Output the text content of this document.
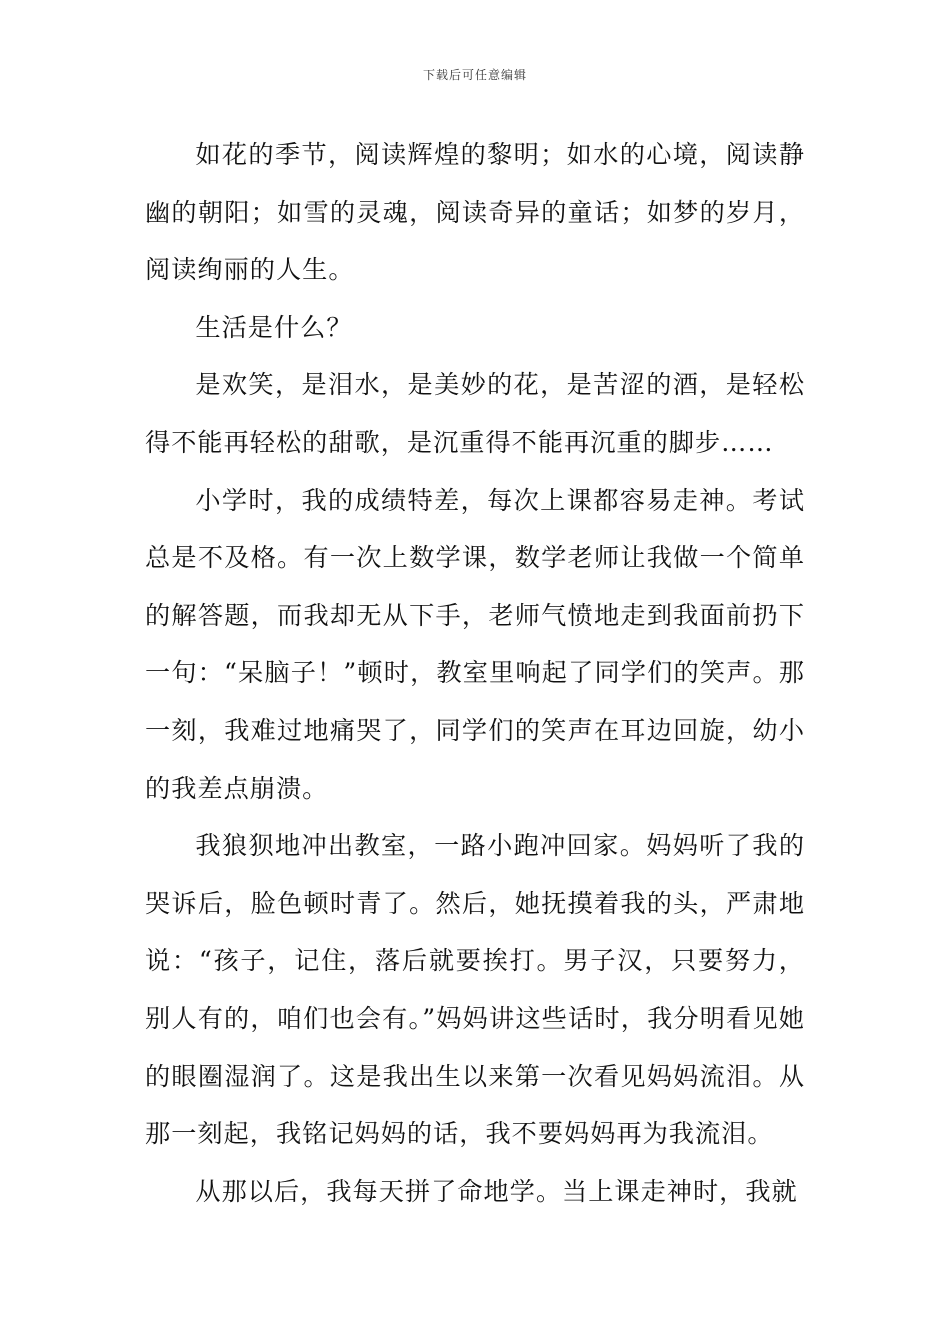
下载后可任意编辑

如花的季节，阅读辉煌的黎明；如水的心境，阅读静幽的朝阳；如雪的灵魂，阅读奇异的童话；如梦的岁月，阅读绚丽的人生。

生活是什么？

是欢笑，是泪水，是美妙的花，是苦涩的酒，是轻松得不能再轻松的甜歌，是沉重得不能再沉重的脚步……

小学时，我的成绩特差，每次上课都容易走神。考试总是不及格。有一次上数学课，数学老师让我做一个简单的解答题，而我却无从下手，老师气愤地走到我面前扔下一句：“呆脑子！”顿时，教室里响起了同学们的笑声。那一刻，我难过地痛哭了，同学们的笑声在耳边回旋，幼小的我差点崩溃。

我狼狈地冲出教室，一路小跑冲回家。妈妈听了我的哭诉后，脸色顿时青了。然后，她抚摸着我的头，严肃地说：“孩子，记住，落后就要挨打。男子汉，只要努力，别人有的，咱们也会有。”妈妈讲这些话时，我分明看见她的眼圈湿润了。这是我出生以来第一次看见妈妈流泪。从那一刻起，我铭记妈妈的话，我不要妈妈再为我流泪。

从那以后，我每天拼了命地学。当上课走神时，我就
